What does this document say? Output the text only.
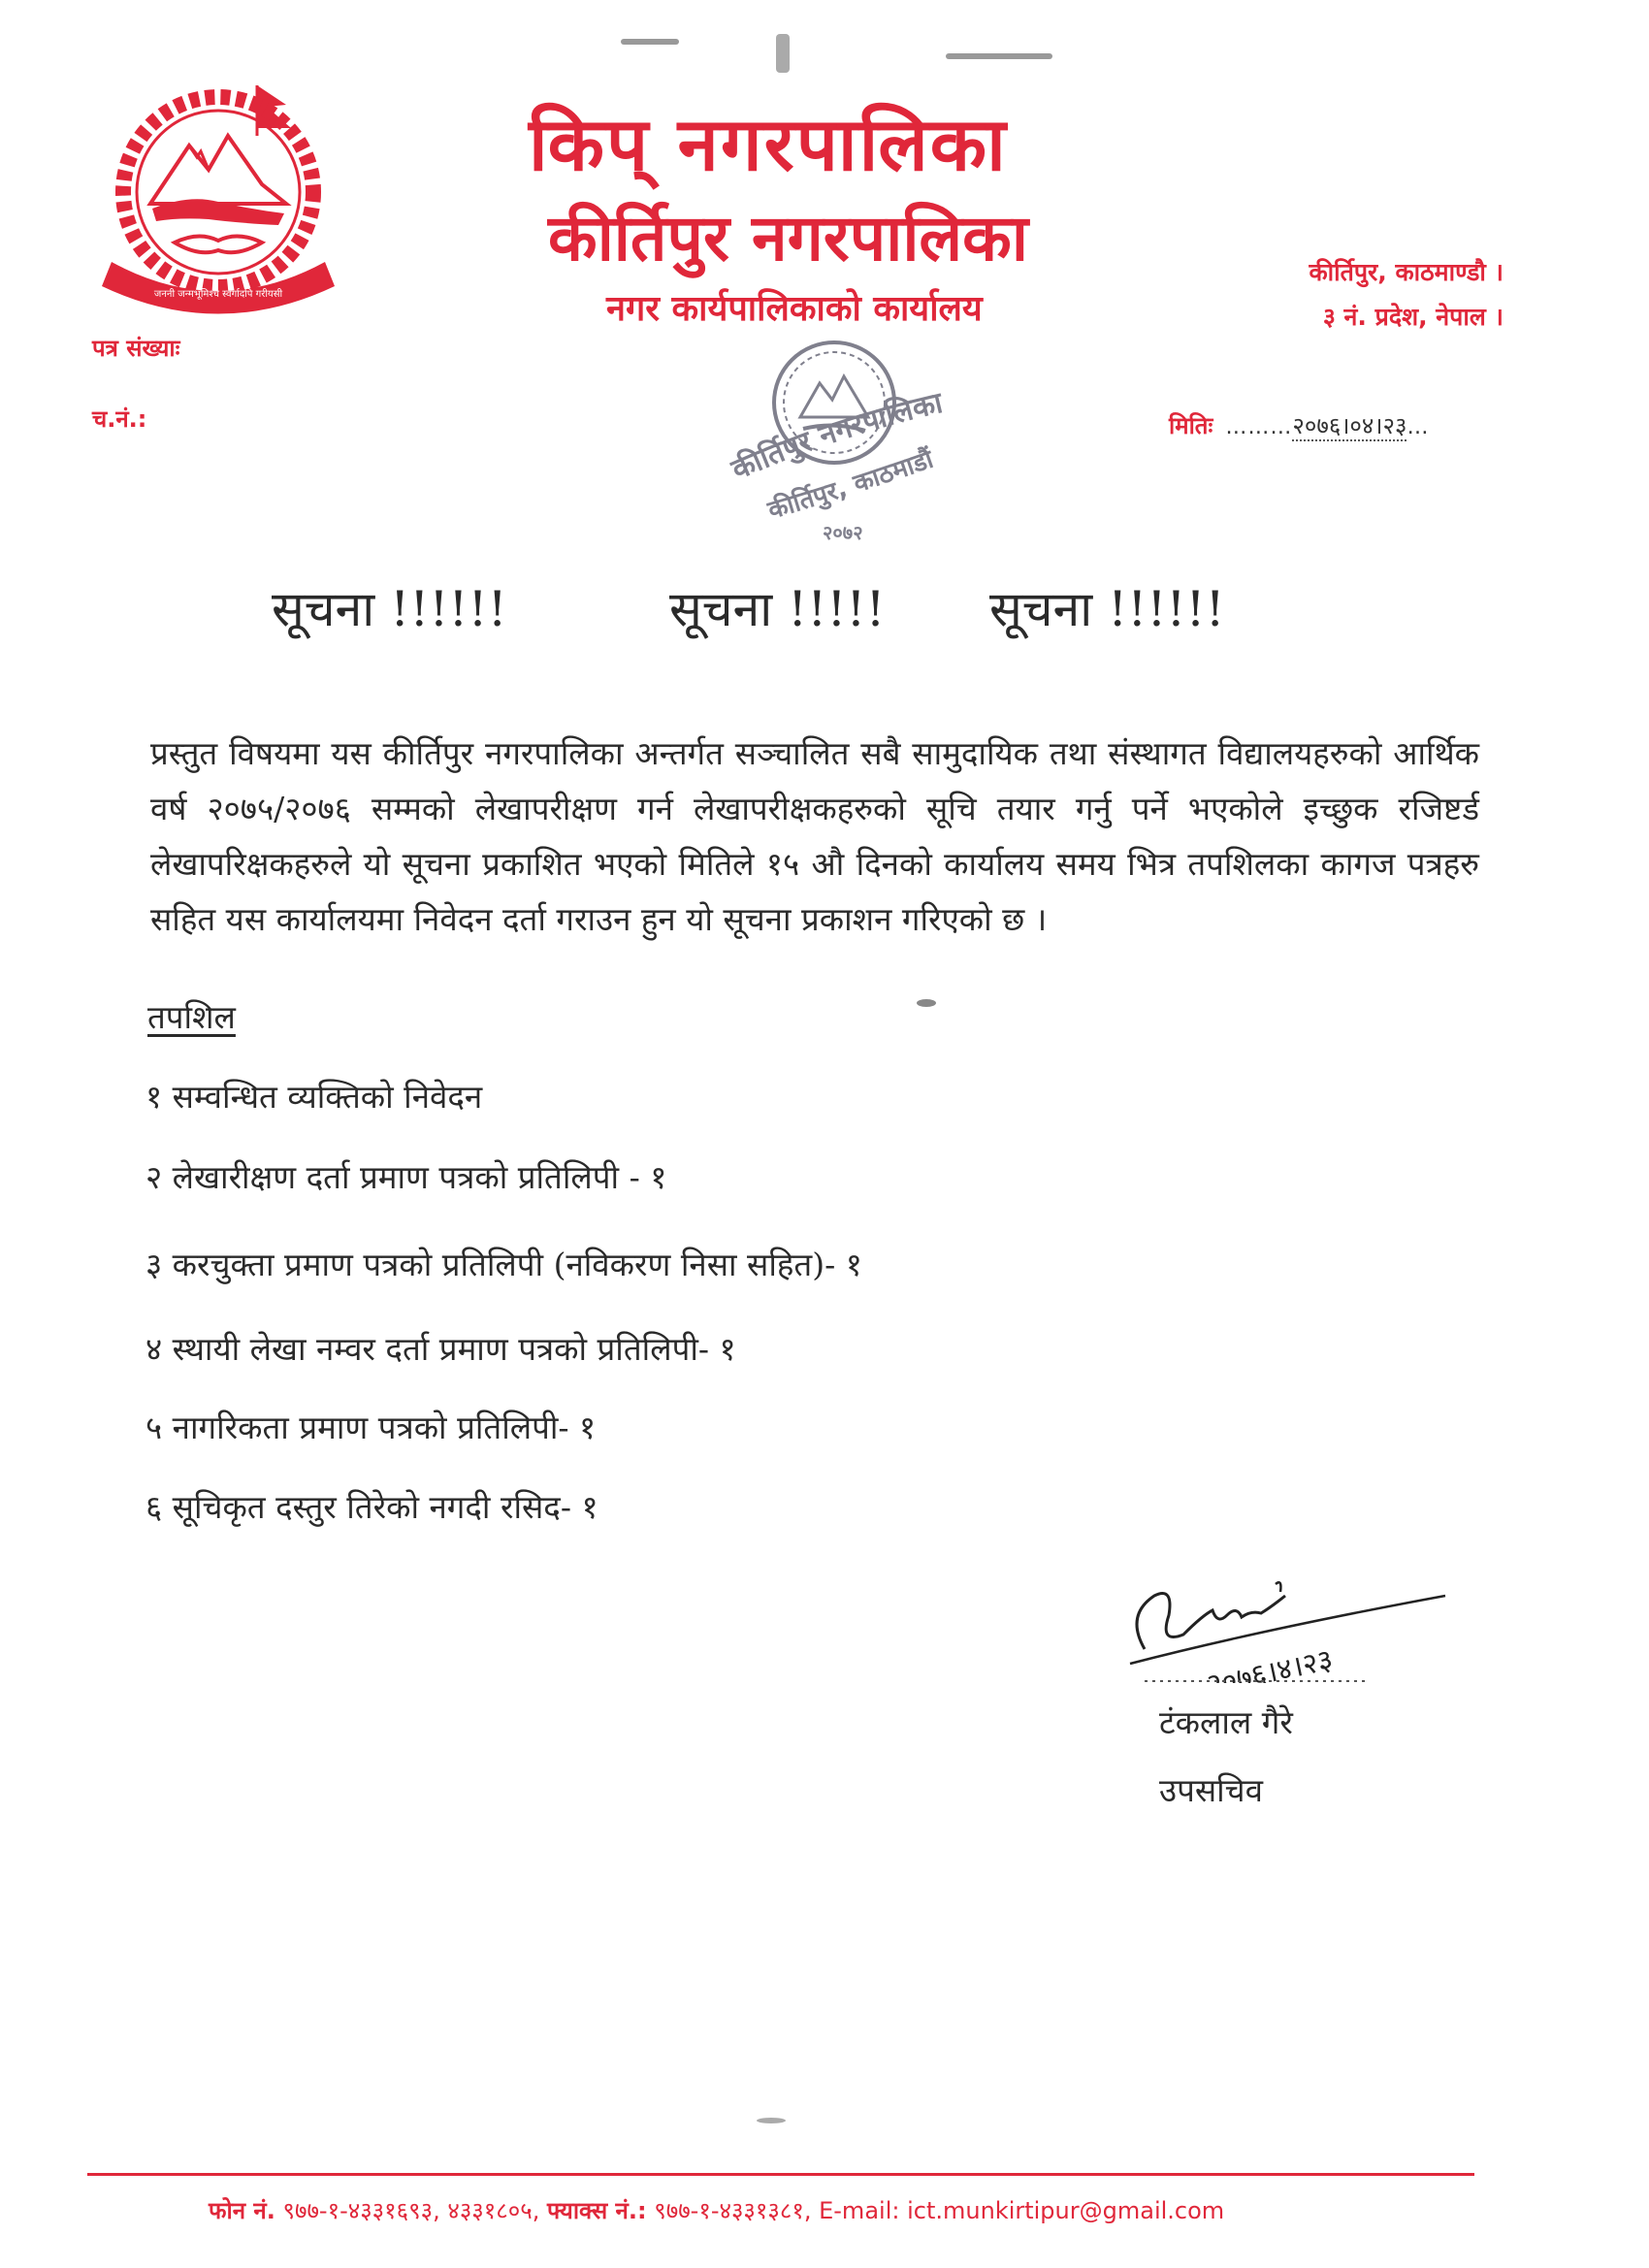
जननी जन्मभूमिश्च स्वर्गादपि गरीयसी
किप् नगरपालिका
कीर्तिपुर नगरपालिका
नगर कार्यपालिकाको कार्यालय
कीर्तिपुर, काठमाण्डौ ।
३ नं. प्रदेश, नेपाल ।
पत्र संख्याः
च.नं.:	मितिः  ………२०७६।०४।२३…
कीर्तिपुर नगरपालिका
कीर्तिपुर, काठमाडौं
२०७२
सूचना !!!!!!	सूचना !!!!! सूचना !!!!!!
प्रस्तुत विषयमा यस कीर्तिपुर नगरपालिका अन्तर्गत सञ्चालित सबै सामुदायिक तथा संस्थागत विद्यालयहरुको आर्थिक वर्ष २०७५/२०७६ सम्मको लेखापरीक्षण गर्न लेखापरीक्षकहरुको सूचि तयार गर्नु पर्ने भएकोले इच्छुक रजिष्टर्ड लेखापरिक्षकहरुले यो सूचना प्रकाशित भएको मितिले १५ औ दिनको कार्यालय समय भित्र तपशिलका कागज पत्रहरु सहित यस कार्यालयमा निवेदन दर्ता गराउन हुन यो सूचना प्रकाशन गरिएको छ ।
तपशिल
१ सम्वन्धित व्यक्तिको निवेदन
२ लेखारीक्षण दर्ता प्रमाण पत्रको प्रतिलिपी - १
३ करचुक्ता प्रमाण पत्रको प्रतिलिपी (नविकरण निसा सहित)- १
४ स्थायी लेखा नम्वर दर्ता प्रमाण पत्रको प्रतिलिपी- १
५ नागरिकता प्रमाण पत्रको प्रतिलिपी- १
६ सूचिकृत दस्तुर तिरेको नगदी रसिद- १
२०७६।४।२३
टंकलाल गैरे
उपसचिव
फोन नं. ९७७-१-४३३१६९३, ४३३१८०५, फ्याक्स नं.: ९७७-१-४३३१३८१, E-mail: ict.munkirtipur@gmail.com
